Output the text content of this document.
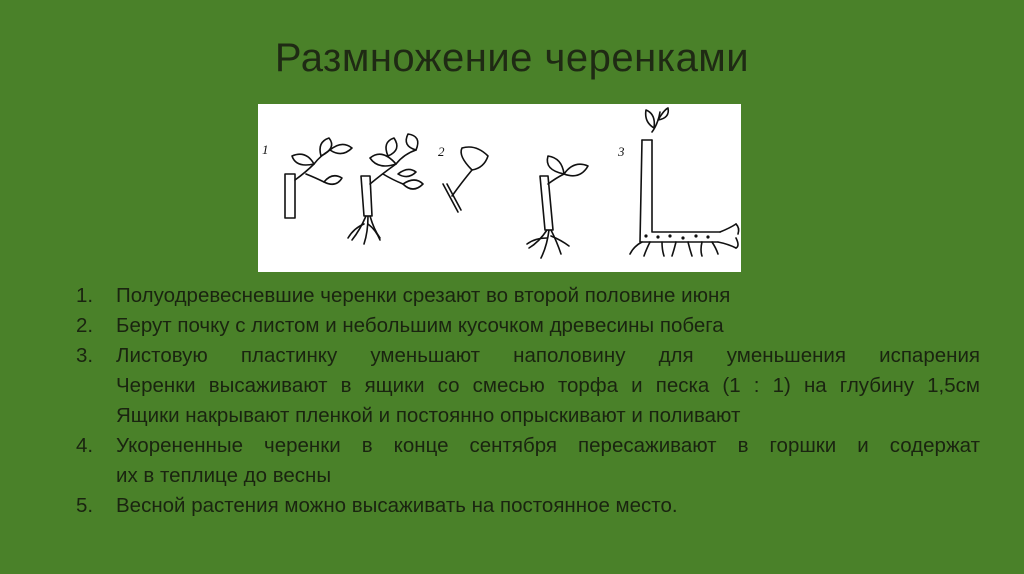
Размножение черенками
1	2	3
1.	Полуодревесневшие черенки срезают во второй половине июня
2.	Берут почку с листом и небольшим кусочком древесины побега
3.	Листовую пластинку уменьшают наполовину для уменьшения испарения
Черенки высаживают в ящики со смесью торфа и песка (1 : 1) на глубину 1,5см
Ящики накрывают пленкой и постоянно опрыскивают и поливают
4.	Укорененные черенки в конце сентября пересаживают в горшки и содержат
их в теплице до весны
5.	Весной растения можно высаживать на постоянное место.
